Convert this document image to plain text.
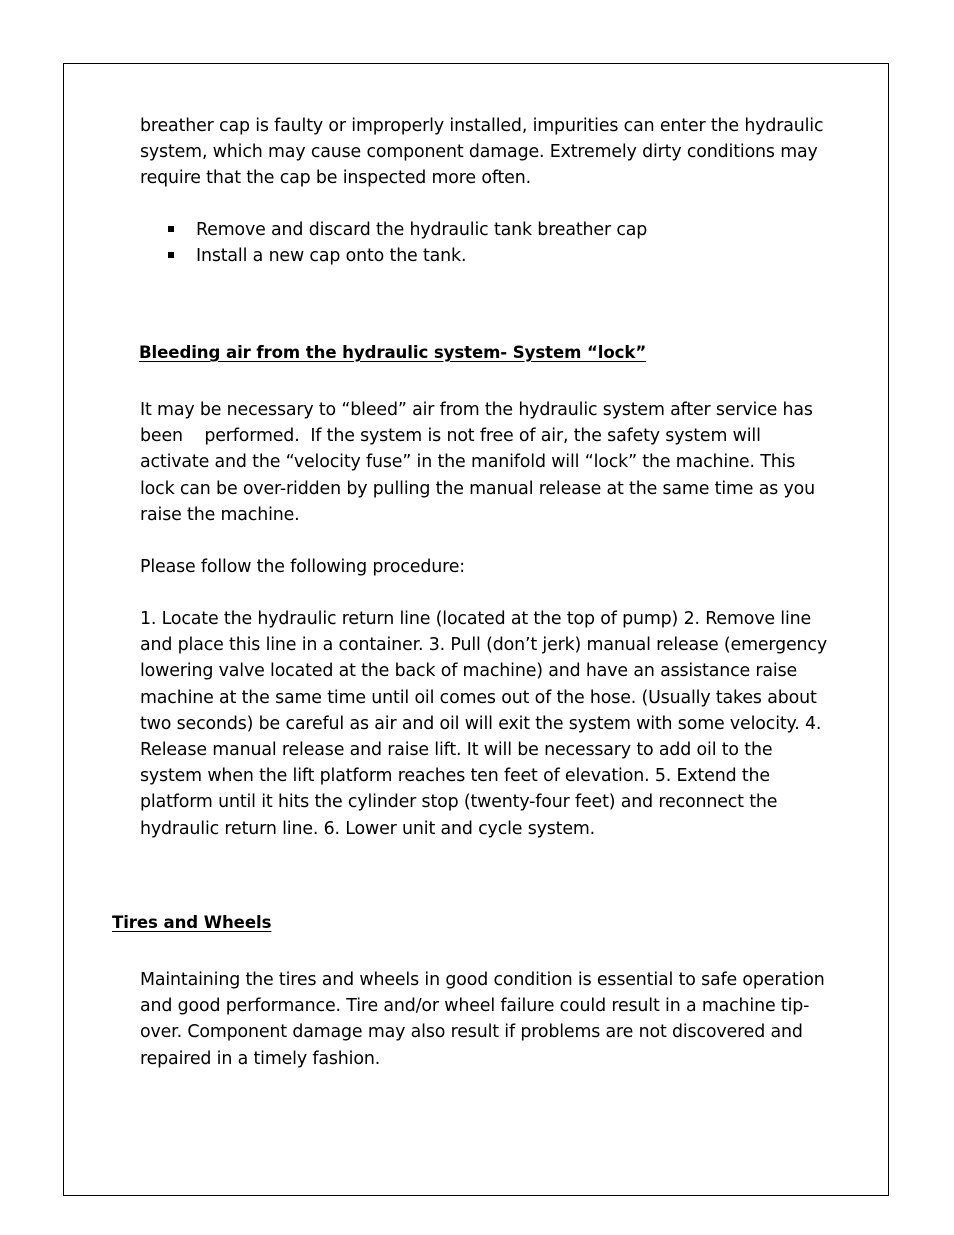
breather cap is faulty or improperly installed, impurities can enter the hydraulic
system, which may cause component damage. Extremely dirty conditions may
require that the cap be inspected more often.

Remove and discard the hydraulic tank breather cap
Install a new cap onto the tank.
Bleeding air from the hydraulic system- System “lock”

It may be necessary to “bleed” air from the hydraulic system after service has
been    performed.  If the system is not free of air, the safety system will
activate and the “velocity fuse” in the manifold will “lock” the machine. This
lock can be over-ridden by pulling the manual release at the same time as you
raise the machine.

Please follow the following procedure:

1. Locate the hydraulic return line (located at the top of pump) 2. Remove line
and place this line in a container. 3. Pull (don’t jerk) manual release (emergency
lowering valve located at the back of machine) and have an assistance raise
machine at the same time until oil comes out of the hose. (Usually takes about
two seconds) be careful as air and oil will exit the system with some velocity. 4.
Release manual release and raise lift. It will be necessary to add oil to the
system when the lift platform reaches ten feet of elevation. 5. Extend the
platform until it hits the cylinder stop (twenty-four feet) and reconnect the
hydraulic return line. 6. Lower unit and cycle system.

Tires and Wheels

Maintaining the tires and wheels in good condition is essential to safe operation
and good performance. Tire and/or wheel failure could result in a machine tip-
over. Component damage may also result if problems are not discovered and
repaired in a timely fashion.
